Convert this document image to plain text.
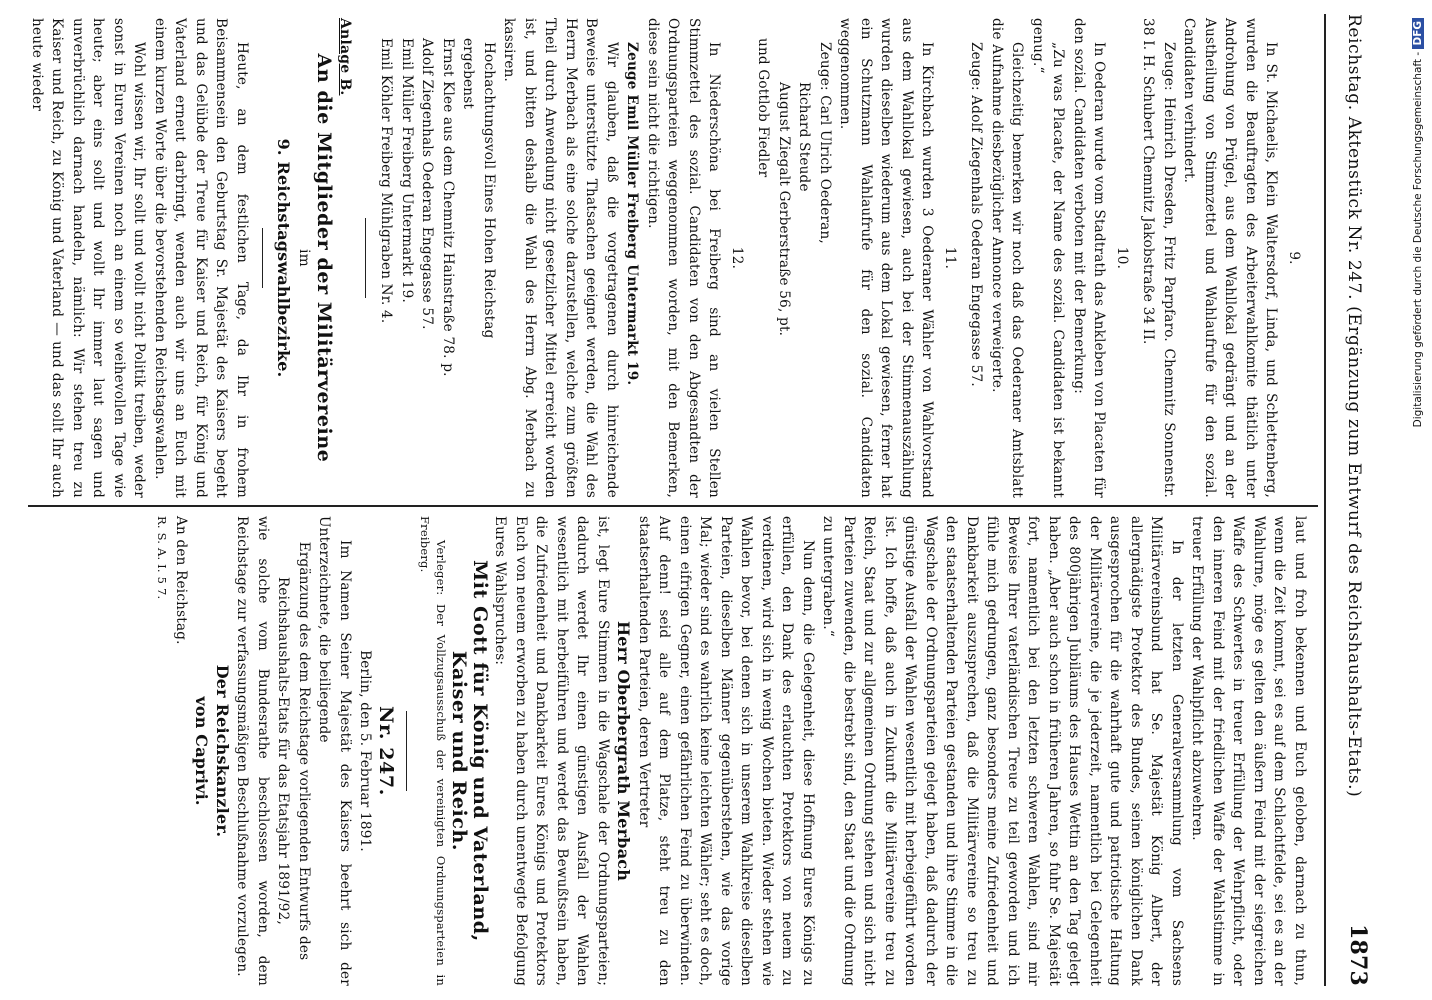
Reichstag. Aktenstück Nr. 247. (Ergänzung zum Entwurf des Reichshaushalts-Etats.)
1873

9.

In St. Michaelis, Klein Waltersdorf, Linda, und Schlettenberg, wurden die Beauftragten des Arbeiterwahlkomite thätlich unter Androhung von Prügel, aus dem Wahllokal gedrängt und an der Austheilung von Stimmzettel und Wahlaufrufe für den sozial. Candidaten verhindert.

Zeuge: Heinrich Dresden, Fritz Parpfaro. Chemnitz Sonnenstr. 38 I. H. Schubert Chemnitz Jakobstraße 34 II.

10.

In Oederan wurde vom Stadtrath das Ankleben von Placaten für den sozial. Candidaten verboten mit der Bemerkung:

„Zu was Placate, der Name des sozial. Candidaten ist bekannt genug.“

Gleichzeitig bemerken wir noch daß das Oederaner Amtsblatt die Aufnahme diesbezüglicher Annonce verweigerte.

Zeuge: Adolf Ziegenhals Oederan Engegasse 57.

11.

In Kirchbach wurden 3 Oederaner Wähler von Wahlvorstand aus dem Wahllokal gewiesen, auch bei der Stimmenauszählung wurden dieselben wiederum aus dem Lokal gewiesen, ferner hat ein Schutzmann Wahlaufrufe für den sozial. Candidaten weggenommen.

Zeuge: Carl Ulrich Oederan,

Richard Steude

August Ziegalt Gerberstraße 56, pt.

und Gottlob Fiedler

12.

In Niederschöna bei Freiberg sind an vielen Stellen Stimmzettel des sozial. Candidaten von den Abgesandten der Ordnungsparteien weggenommen worden, mit den Bemerken, diese sein nicht die richtigen.

Zeuge Emil Müller Freiberg Untermarkt 19.

Wir glauben, daß die vorgetragenen durch hinreichende Beweise unterstützte Thatsachen geeignet werden, die Wahl des Herrn Merbach als eine solche darzustellen, welche zum größten Theil durch Anwendung nicht gesetzlicher Mittel erreicht worden ist, und bitten deshalb die Wahl des Herrn Abg. Merbach zu kassiren.

Hochachtungsvoll Eines Hohen Reichstag

ergebenst

Ernst Klee aus dem Chemnitz Hainstraße 78. p.

Adolf Ziegenhals Oederan Engegasse 57.

Emil Müller Freiberg Untermarkt 19.

Emil Köhler Freiberg Mühlgraben Nr. 4.

Anlage B.

An die Mitglieder der Militärvereine

im

9. Reichstagswahlbezirke.

Heute, an dem festlichen Tage, da Ihr in frohem Beisammensein den Geburtstag Sr. Majestät des Kaisers begeht und das Gelübde der Treue für Kaiser und Reich, für König und Vaterland erneut darbringt, wenden auch wir uns an Euch mit einem kurzen Worte über die bevorstehenden Reichstagswahlen.

Wohl wissen wir, Ihr sollt und wollt nicht Politik treiben, weder sonst in Euren Vereinen noch an einem so weihevollen Tage wie heute; aber eins sollt und wollt Ihr immer laut sagen und unverbrüchlich darnach handeln, nämlich: Wir stehen treu zu Kaiser und Reich, zu König und Vaterland — und das sollt Ihr auch heute wieder

laut und froh bekennen und Euch geloben, darnach zu thun, wenn die Zeit kommt, sei es auf dem Schlachtfelde, sei es an der Wahlurne, möge es gelten den äußern Feind mit der siegreichen Waffe des Schwertes in treuer Erfüllung der Wehrpflicht, oder den inneren Feind mit der friedlichen Waffe der Wahlstimme in treuer Erfüllung der Wahlpflicht abzuwehren.

In der letzten Generalversammlung vom Sachsens Militärvereinsbund hat Se. Majestät König Albert, der allergnädigste Protektor des Bundes, seinen königlichen Dank ausgesprochen für die wahrhaft gute und patriotische Haltung der Militärvereine, die je jederzeit, namentlich bei Gelegenheit des 800jährigen Jubiläums des Hauses Wettin an den Tag gelegt haben. „Aber auch schon in früheren Jahren, so fuhr Se. Majestät fort, namentlich bei den letzten schweren Wahlen, sind mir Beweise Ihrer vaterländischen Treue zu teil geworden und ich fühle mich gedrungen, ganz besonders meine Zufriedenheit und Dankbarkeit auszusprechen, daß die Militärvereine so treu zu den staatserhaltenden Parteien gestanden und ihre Stimme in die Wagschale der Ordnungsparteien gelegt haben, daß dadurch der günstige Ausfall der Wahlen wesentlich mit herbeigeführt worden ist. Ich hoffe, daß auch in Zukunft die Militärvereine treu zu Reich, Staat und zur allgemeinen Ordnung stehen und sich nicht Parteien zuwenden, die bestrebt sind, den Staat und die Ordnung zu untergraben.“

Nun denn, die Gelegenheit, diese Hoffnung Eures Königs zu erfüllen, den Dank des erlauchten Protektors von neuem zu verdienen, wird sich in wenig Wochen bieten. Wieder stehen wie Wahlen bevor, bei denen sich in unserem Wahlkreise dieselben Parteien, dieselben Männer gegenüberstehen, wie das vorige Mal; wieder sind es wahrlich keine leichten Wähler; seht es doch, einen eifrigen Gegner, einen gefährlichen Feind zu überwinden. Auf denn! seid alle auf dem Platze, steht treu zu den staatserhaltenden Parteien, deren Vertreter

Herr Oberbergrath Merbach

ist, legt Eure Stimmen in die Wagschale der Ordnungsparteien; dadurch werdet Ihr einen günstigen Ausfall der Wahlen wesentlich mit herbeiführen und werdet das Bewußtsein haben, die Zufriedenheit und Dankbarkeit Eures Königs und Protektors Euch von neuem erworben zu haben durch unentwegte Befolgung Eures Wahlspruches:

Mit Gott für König und Vaterland,

Kaiser und Reich.

Verleger: Der Vollzugsausschuß der vereinigten Ordnungsparteien in Freiberg.

Nr. 247.

Berlin, den 5. Februar 1891.

Im Namen Seiner Majestät des Kaisers beehrt sich der Unterzeichnete, die beiliegende

Ergänzung des dem Reichstage vorliegenden Entwurfs des Reichshaushalts-Etats für das Etatsjahr 1891/92,

wie solche vom Bundesrathe beschlossen worden, dem Reichstage zur verfassungsmäßigen Beschlußnahme vorzulegen.

Der Reichskanzler.

von Caprivi.

An den Reichstag.

R. S. A. I. 5 7.

Digitalisierung gefördert durch die Deutsche Forschungsgemeinschaft - DFG
